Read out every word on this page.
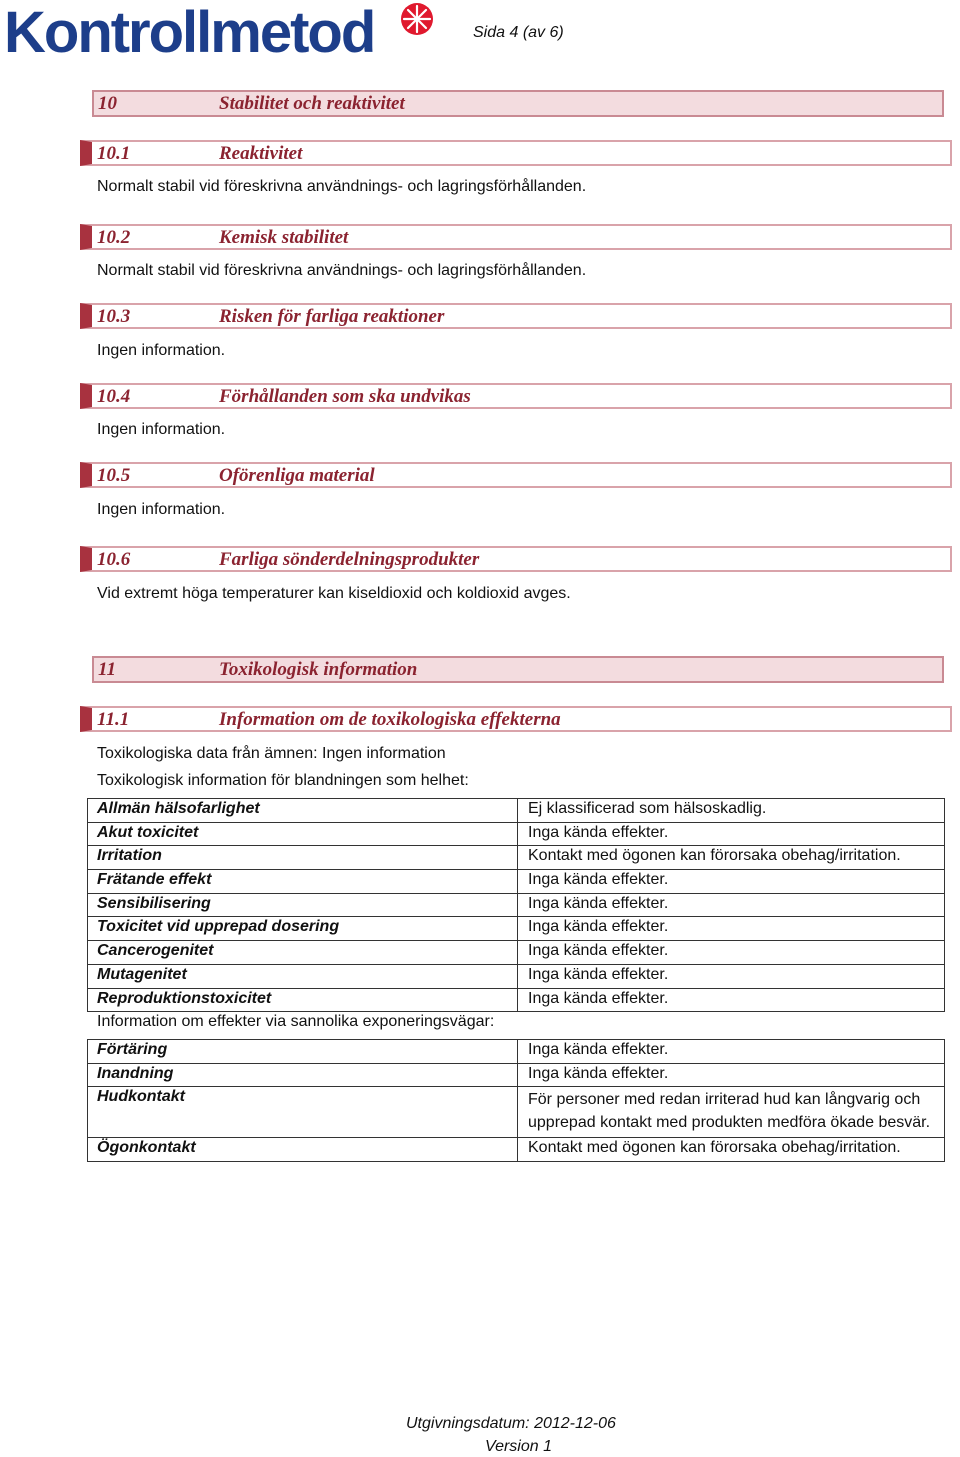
Kontrollmetod	Sida 4 (av 6)
10	Stabilitet och reaktivitet
10.1	Reaktivitet
Normalt stabil vid föreskrivna användnings- och lagringsförhållanden.
10.2	Kemisk stabilitet
Normalt stabil vid föreskrivna användnings- och lagringsförhållanden.
10.3	Risken för farliga reaktioner
Ingen information.
10.4	Förhållanden som ska undvikas
Ingen information.
10.5	Oförenliga material
Ingen information.
10.6	Farliga sönderdelningsprodukter
Vid extremt höga temperaturer kan kiseldioxid och koldioxid avges.
11	Toxikologisk information
11.1	Information om de toxikologiska effekterna
Toxikologiska data från ämnen: Ingen information
Toxikologisk information för blandningen som helhet:
Allmän hälsofarlighet	Ej klassificerad som hälsoskadlig.
Akut toxicitet	Inga kända effekter.
Irritation	Kontakt med ögonen kan förorsaka obehag/irritation.
Frätande effekt	Inga kända effekter.
Sensibilisering	Inga kända effekter.
Toxicitet vid upprepad dosering	Inga kända effekter.
Cancerogenitet	Inga kända effekter.
Mutagenitet	Inga kända effekter.
Reproduktionstoxicitet	Inga kända effekter.
Information om effekter via sannolika exponeringsvägar:
Förtäring	Inga kända effekter.
Inandning	Inga kända effekter.
Hudkontakt	För personer med redan irriterad hud kan långvarig och upprepad kontakt med produkten medföra ökade besvär.
Ögonkontakt	Kontakt med ögonen kan förorsaka obehag/irritation.
Utgivningsdatum: 2012-12-06
Version 1
